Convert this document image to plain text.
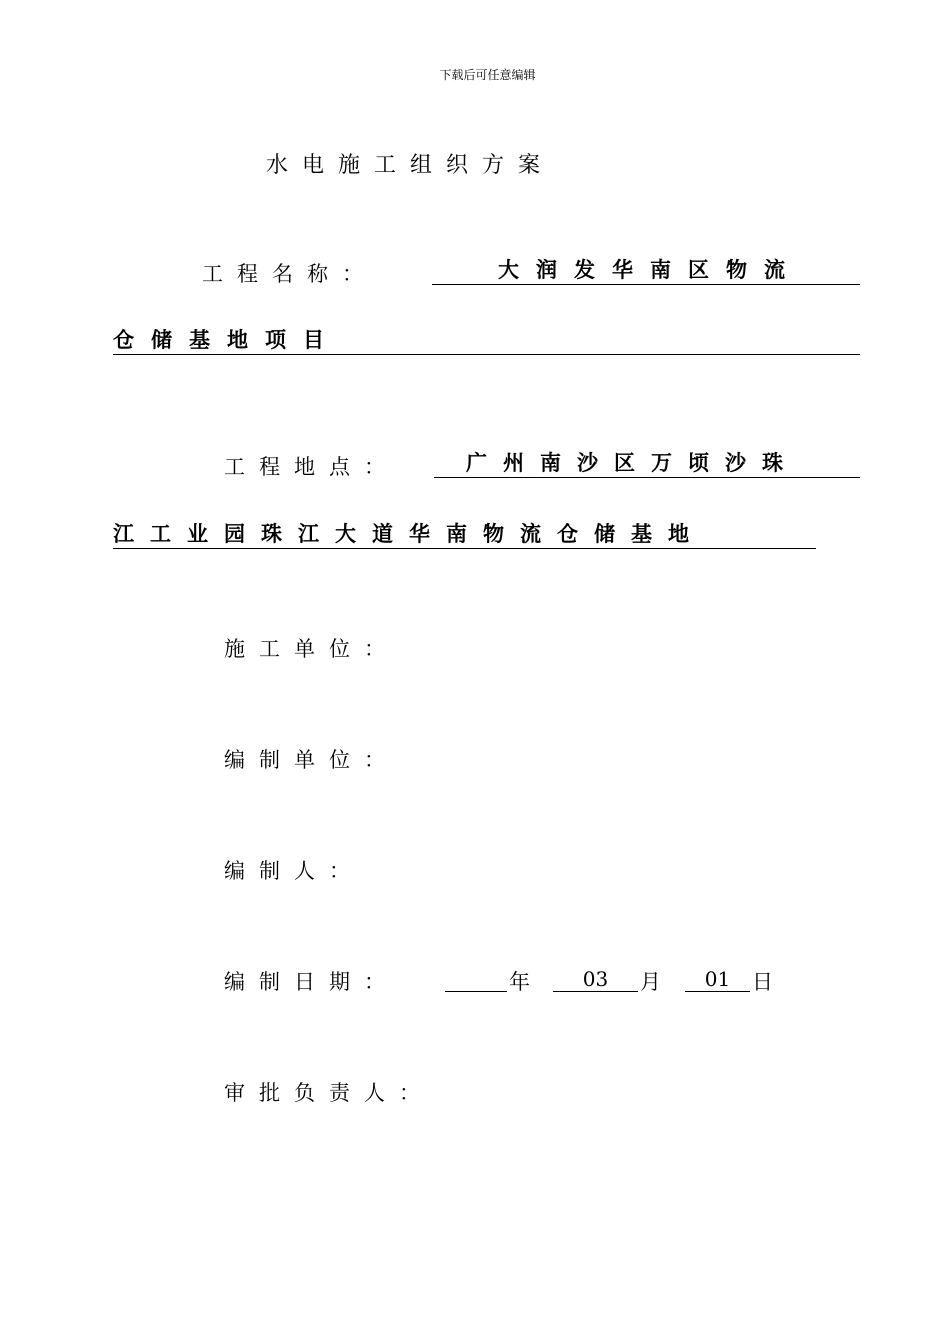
下载后可任意编辑
水电施工组织方案
工程名称：	大润发华南区物流
仓储基地项目
工程地点：	广州南沙区万顷沙珠
江工业园珠江大道华南物流仓储基地
施工单位：
编制单位：
编制人：
编制日期：	年	03	月	01	日
审批负责人：
